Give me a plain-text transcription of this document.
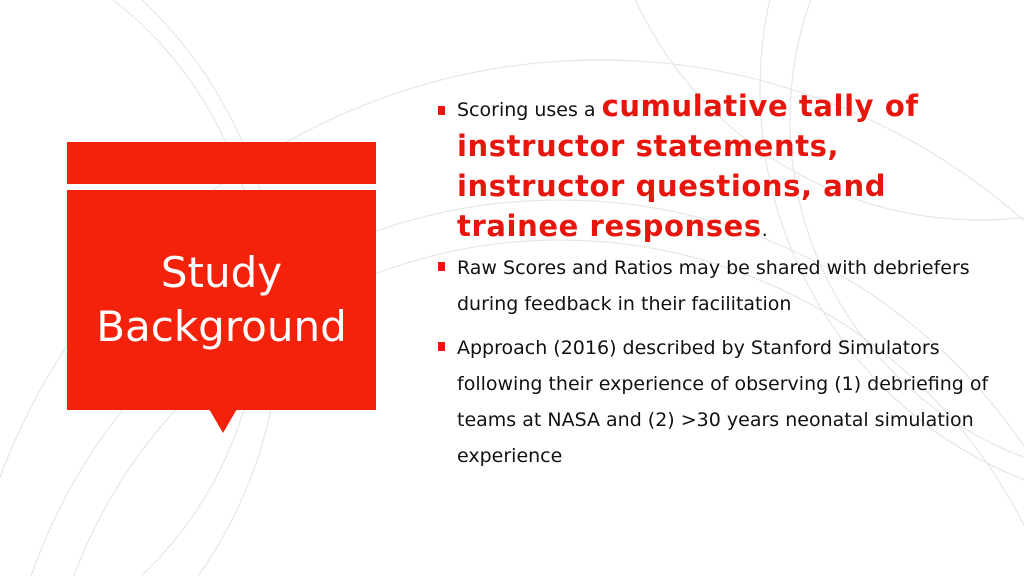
Study
Background
Scoring uses a cumulative tally of instructor statements, instructor questions, and trainee responses.
Raw Scores and Ratios may be shared with debriefers during feedback in their facilitation
Approach (2016) described by Stanford Simulators following their experience of observing (1) debriefing of teams at NASA and (2) >30 years neonatal simulation experience
